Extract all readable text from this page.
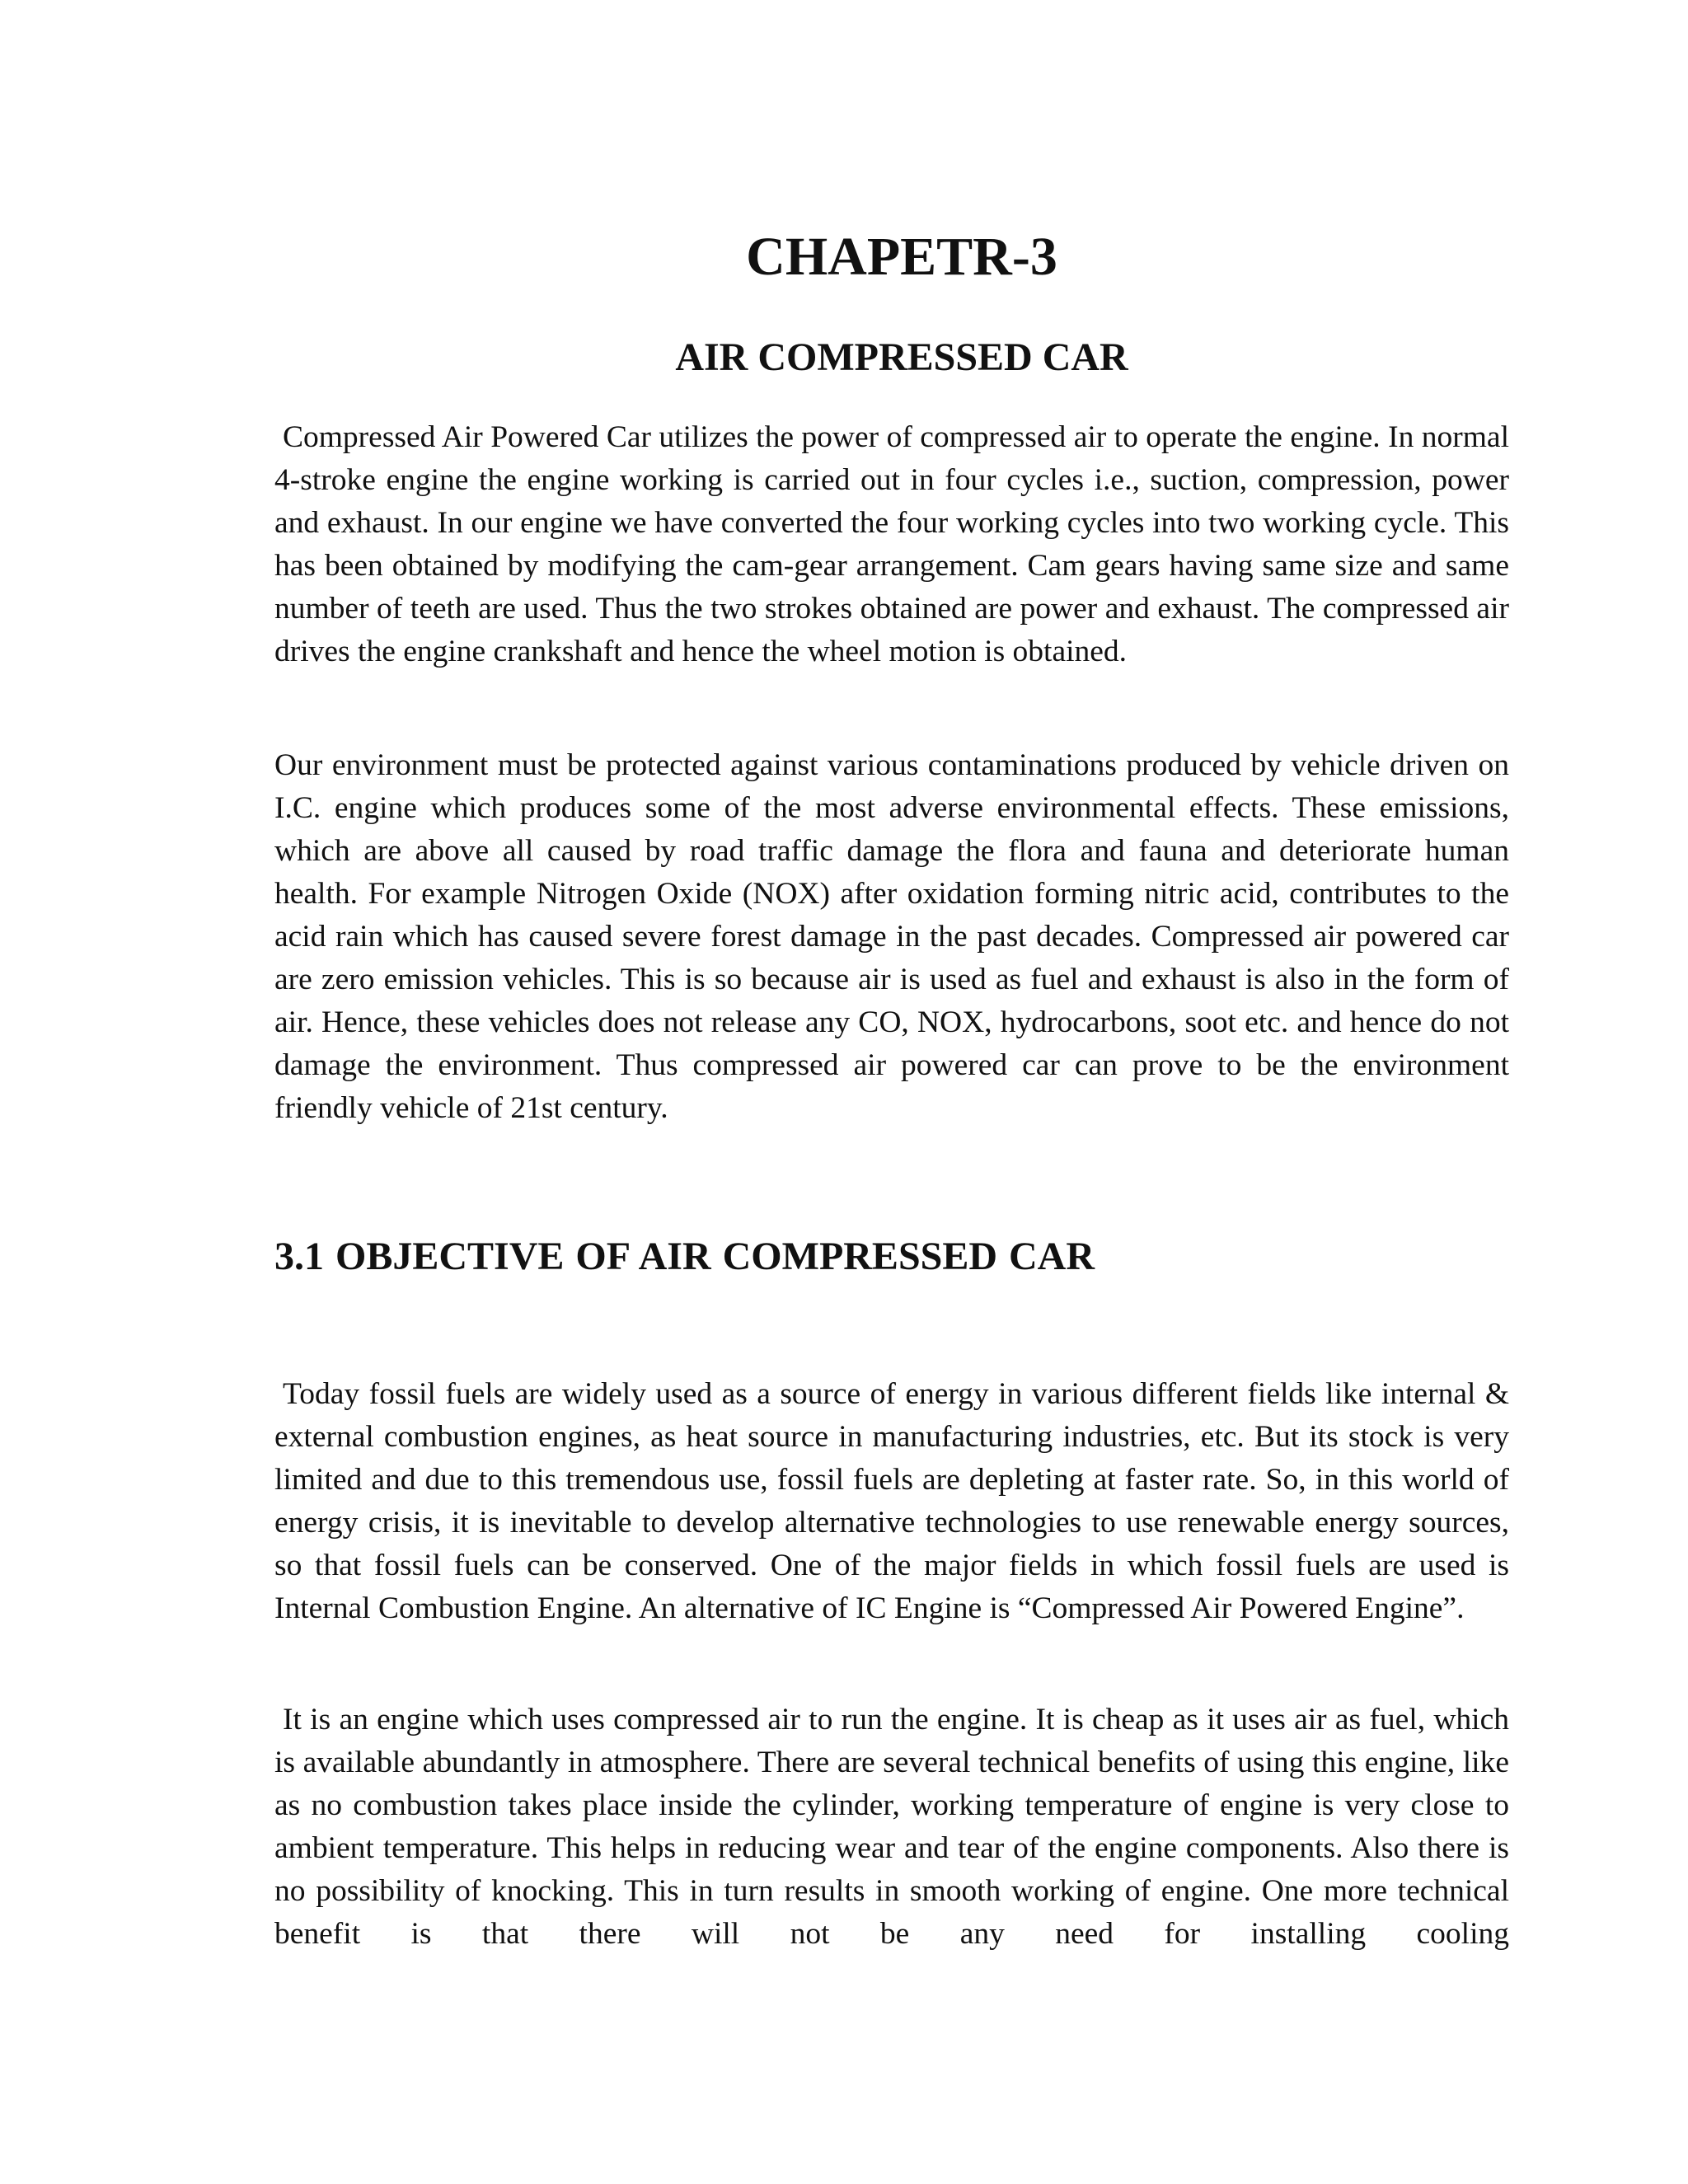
CHAPETR-3
AIR COMPRESSED CAR

Compressed Air Powered Car utilizes the power of compressed air to operate the engine. In normal 4-stroke engine the engine working is carried out in four cycles i.e., suction, compression, power and exhaust. In our engine we have converted the four working cycles into two working cycle. This has been obtained by modifying the cam-gear arrangement. Cam gears having same size and same number of teeth are used. Thus the two strokes obtained are power and exhaust. The compressed air drives the engine crankshaft and hence the wheel motion is obtained.

Our environment must be protected against various contaminations produced by vehicle driven on I.C. engine which produces some of the most adverse environmental effects. These emissions, which are above all caused by road traffic damage the flora and fauna and deteriorate human health. For example Nitrogen Oxide (NOX) after oxidation forming nitric acid, contributes to the acid rain which has caused severe forest damage in the past decades. Compressed air powered car are zero emission vehicles. This is so because air is used as fuel and exhaust is also in the form of air. Hence, these vehicles does not release any CO, NOX, hydrocarbons, soot etc. and hence do not damage the environment. Thus compressed air powered car can prove to be the environment friendly vehicle of 21st century.

3.1 OBJECTIVE OF AIR COMPRESSED CAR

Today fossil fuels are widely used as a source of energy in various different fields like internal & external combustion engines, as heat source in manufacturing industries, etc. But its stock is very limited and due to this tremendous use, fossil fuels are depleting at faster rate. So, in this world of energy crisis, it is inevitable to develop alternative technologies to use renewable energy sources, so that fossil fuels can be conserved. One of the major fields in which fossil fuels are used is Internal Combustion Engine. An alternative of IC Engine is “Compressed Air Powered Engine”.

It is an engine which uses compressed air to run the engine. It is cheap as it uses air as fuel, which is available abundantly in atmosphere. There are several technical benefits of using this engine, like as no combustion takes place inside the cylinder, working temperature of engine is very close to ambient temperature. This helps in reducing wear and tear of the engine components. Also there is no possibility of knocking. This in turn results in smooth working of engine. One more technical benefit is that there will not be any need for installing cooling
